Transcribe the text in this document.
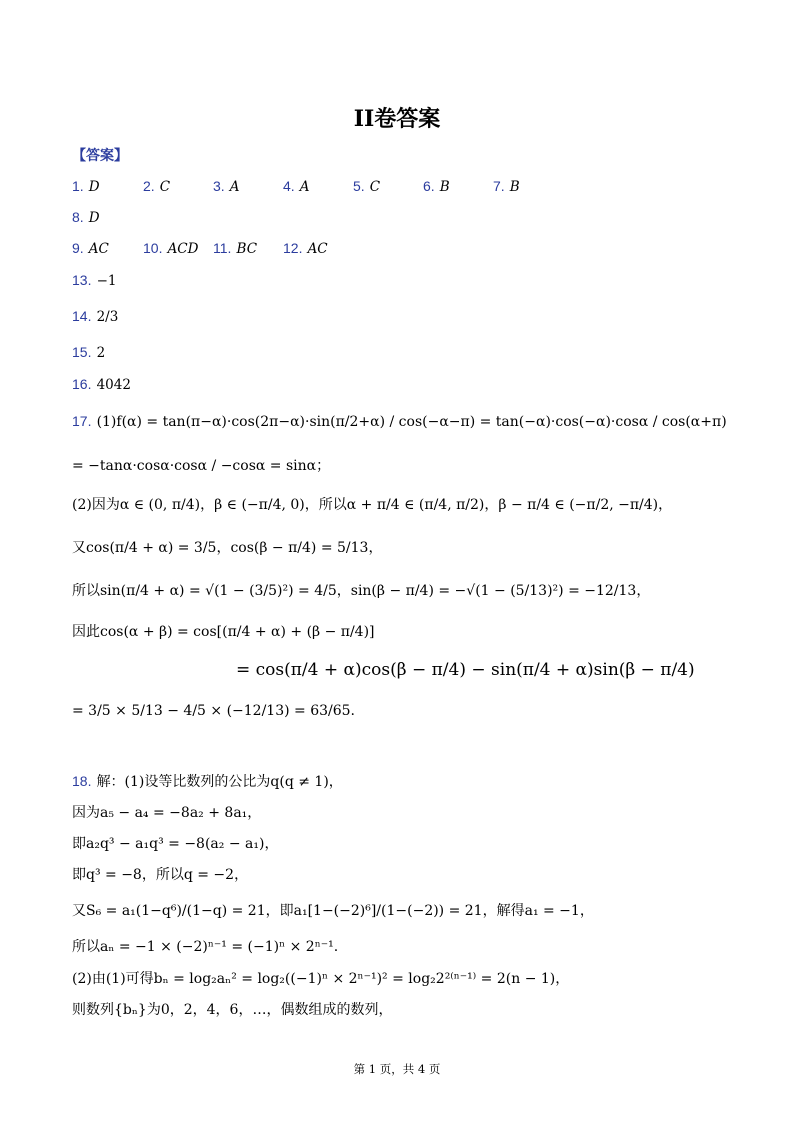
II卷答案
【答案】
1. D	2. C	3. A	4. A	5. C	6. B	7. B
8. D
9. AC 10. ACD 11. BC 12. AC
13. −1
14. 2/3
15. 2
16. 4042
17. (1)f(α) = tan(π−α)·cos(2π−α)·sin(π/2+α) / cos(−α−π) = tan(−α)·cos(−α)·cosα / cos(α+π)
= −tanα·cosα·cosα / −cosα = sinα；
(2)因为α ∈ (0, π/4)，β ∈ (−π/4, 0)，所以α + π/4 ∈ (π/4, π/2)，β − π/4 ∈ (−π/2, −π/4)，
又cos(π/4 + α) = 3/5，cos(β − π/4) = 5/13，
所以sin(π/4 + α) = √(1 − (3/5)²) = 4/5，sin(β − π/4) = −√(1 − (5/13)²) = −12/13，
因此cos(α + β) = cos[(π/4 + α) + (β − π/4)]
= cos(π/4 + α)cos(β − π/4) − sin(π/4 + α)sin(β − π/4)
= 3/5 × 5/13 − 4/5 × (−12/13) = 63/65.
18. 解：(1)设等比数列的公比为q(q ≠ 1)，
因为a₅ − a₄ = −8a₂ + 8a₁，
即a₂q³ − a₁q³ = −8(a₂ − a₁)，
即q³ = −8，所以q = −2，
又S₆ = a₁(1−q⁶)/(1−q) = 21，即a₁[1−(−2)⁶]/(1−(−2)) = 21，解得a₁ = −1，
所以aₙ = −1 × (−2)ⁿ⁻¹ = (−1)ⁿ × 2ⁿ⁻¹.
(2)由(1)可得bₙ = log₂aₙ² = log₂((−1)ⁿ × 2ⁿ⁻¹)² = log₂2²⁽ⁿ⁻¹⁾ = 2(n − 1)，
则数列{bₙ}为0，2，4，6，…，偶数组成的数列，
第 1 页，共 4 页
